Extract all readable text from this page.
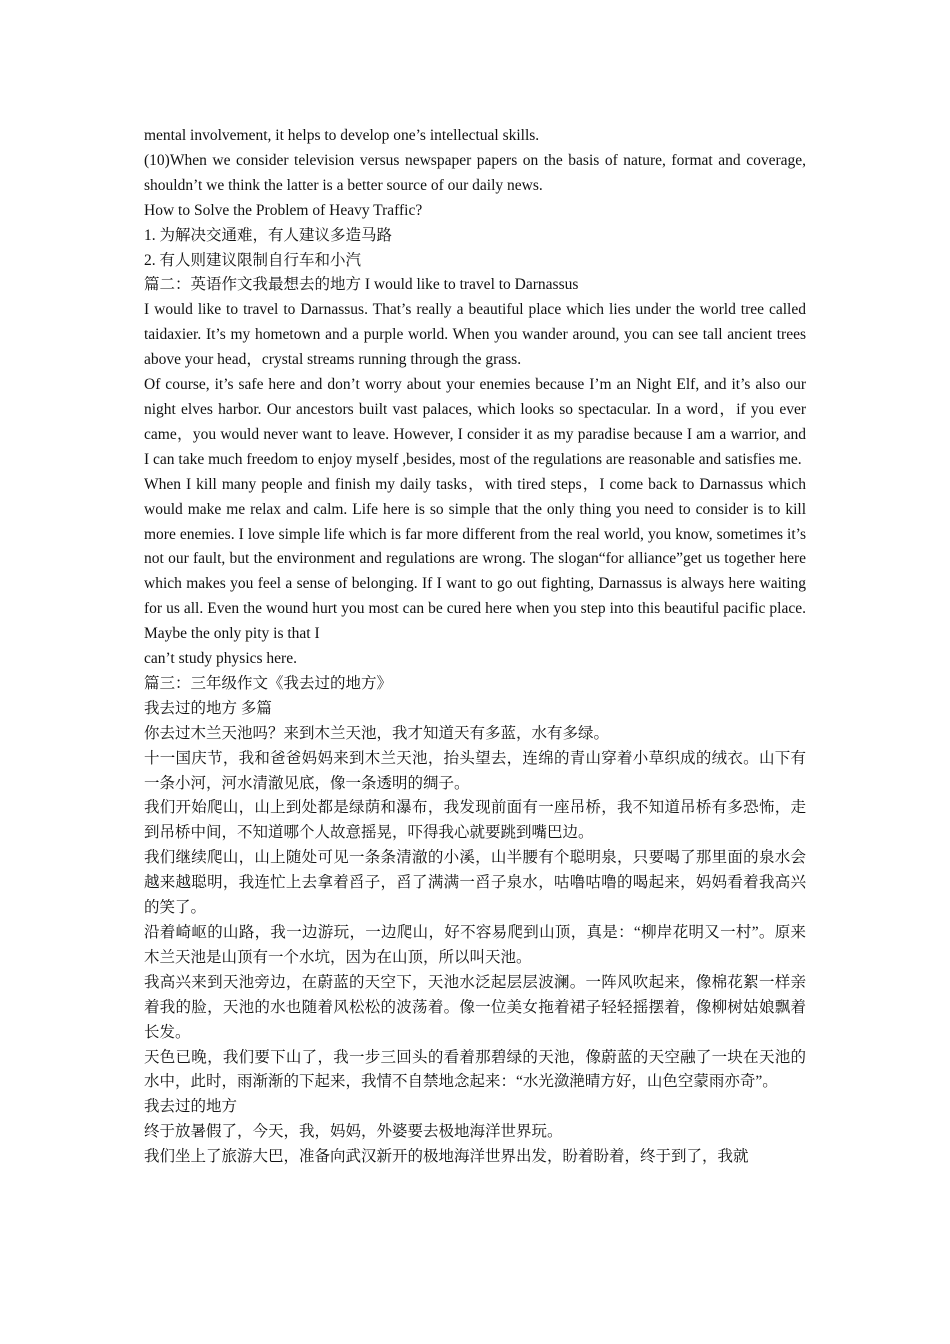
mental involvement, it helps to develop one’s intellectual skills.

(10)When we consider television versus newspaper papers on the basis of nature, format and coverage, shouldn’t we think the latter is a better source of our daily news.

How to Solve the Problem of Heavy Traffic?

1. 为解决交通难，有人建议多造马路

2. 有人则建议限制自行车和小汽

篇二：英语作文我最想去的地方 I would like to travel to Darnassus

I would like to travel to Darnassus. That’s really a beautiful place which lies under the world tree called taidaxier. It’s my hometown and a purple world. When you wander around, you can see tall ancient trees above your head，crystal streams running through the grass.

Of course, it’s safe here and don’t worry about your enemies because I’m an Night Elf, and it’s also our night elves harbor. Our ancestors built vast palaces, which looks so spectacular. In a word，if you ever came，you would never want to leave. However, I consider it as my paradise because I am a warrior, and I can take much freedom to enjoy myself ,besides, most of the regulations are reasonable and satisfies me.

When I kill many people and finish my daily tasks，with tired steps，I come back to Darnassus which would make me relax and calm. Life here is so simple that the only thing you need to consider is to kill more enemies. I love simple life which is far more different from the real world, you know, sometimes it’s not our fault, but the environment and regulations are wrong. The slogan“for alliance”get us together here which makes you feel a sense of belonging. If I want to go out fighting, Darnassus is always here waiting for us all. Even the wound hurt you most can be cured here when you step into this beautiful pacific place. Maybe the only pity is that I

can’t study physics here.

篇三：三年级作文《我去过的地方》

我去过的地方 多篇

你去过木兰天池吗？来到木兰天池，我才知道天有多蓝，水有多绿。

十一国庆节，我和爸爸妈妈来到木兰天池，抬头望去，连绵的青山穿着小草织成的绒衣。山下有一条小河，河水清澈见底，像一条透明的绸子。

我们开始爬山，山上到处都是绿荫和瀑布，我发现前面有一座吊桥，我不知道吊桥有多恐怖，走到吊桥中间，不知道哪个人故意摇晃，吓得我心就要跳到嘴巴边。

我们继续爬山，山上随处可见一条条清澈的小溪，山半腰有个聪明泉，只要喝了那里面的泉水会越来越聪明，我连忙上去拿着舀子，舀了满满一舀子泉水，咕噜咕噜的喝起来，妈妈看着我高兴的笑了。

沿着崎岖的山路，我一边游玩，一边爬山，好不容易爬到山顶，真是：“柳岸花明又一村”。原来木兰天池是山顶有一个水坑，因为在山顶，所以叫天池。

我高兴来到天池旁边，在蔚蓝的天空下，天池水泛起层层波澜。一阵风吹起来，像棉花絮一样亲着我的脸，天池的水也随着风松松的波荡着。像一位美女拖着裙子轻轻摇摆着，像柳树姑娘飘着长发。

天色已晚，我们要下山了，我一步三回头的看着那碧绿的天池，像蔚蓝的天空融了一块在天池的水中，此时，雨渐渐的下起来，我情不自禁地念起来：“水光潋滟晴方好，山色空蒙雨亦奇”。

我去过的地方

终于放暑假了，今天，我，妈妈，外婆要去极地海洋世界玩。

我们坐上了旅游大巴，准备向武汉新开的极地海洋世界出发，盼着盼着，终于到了，我就
